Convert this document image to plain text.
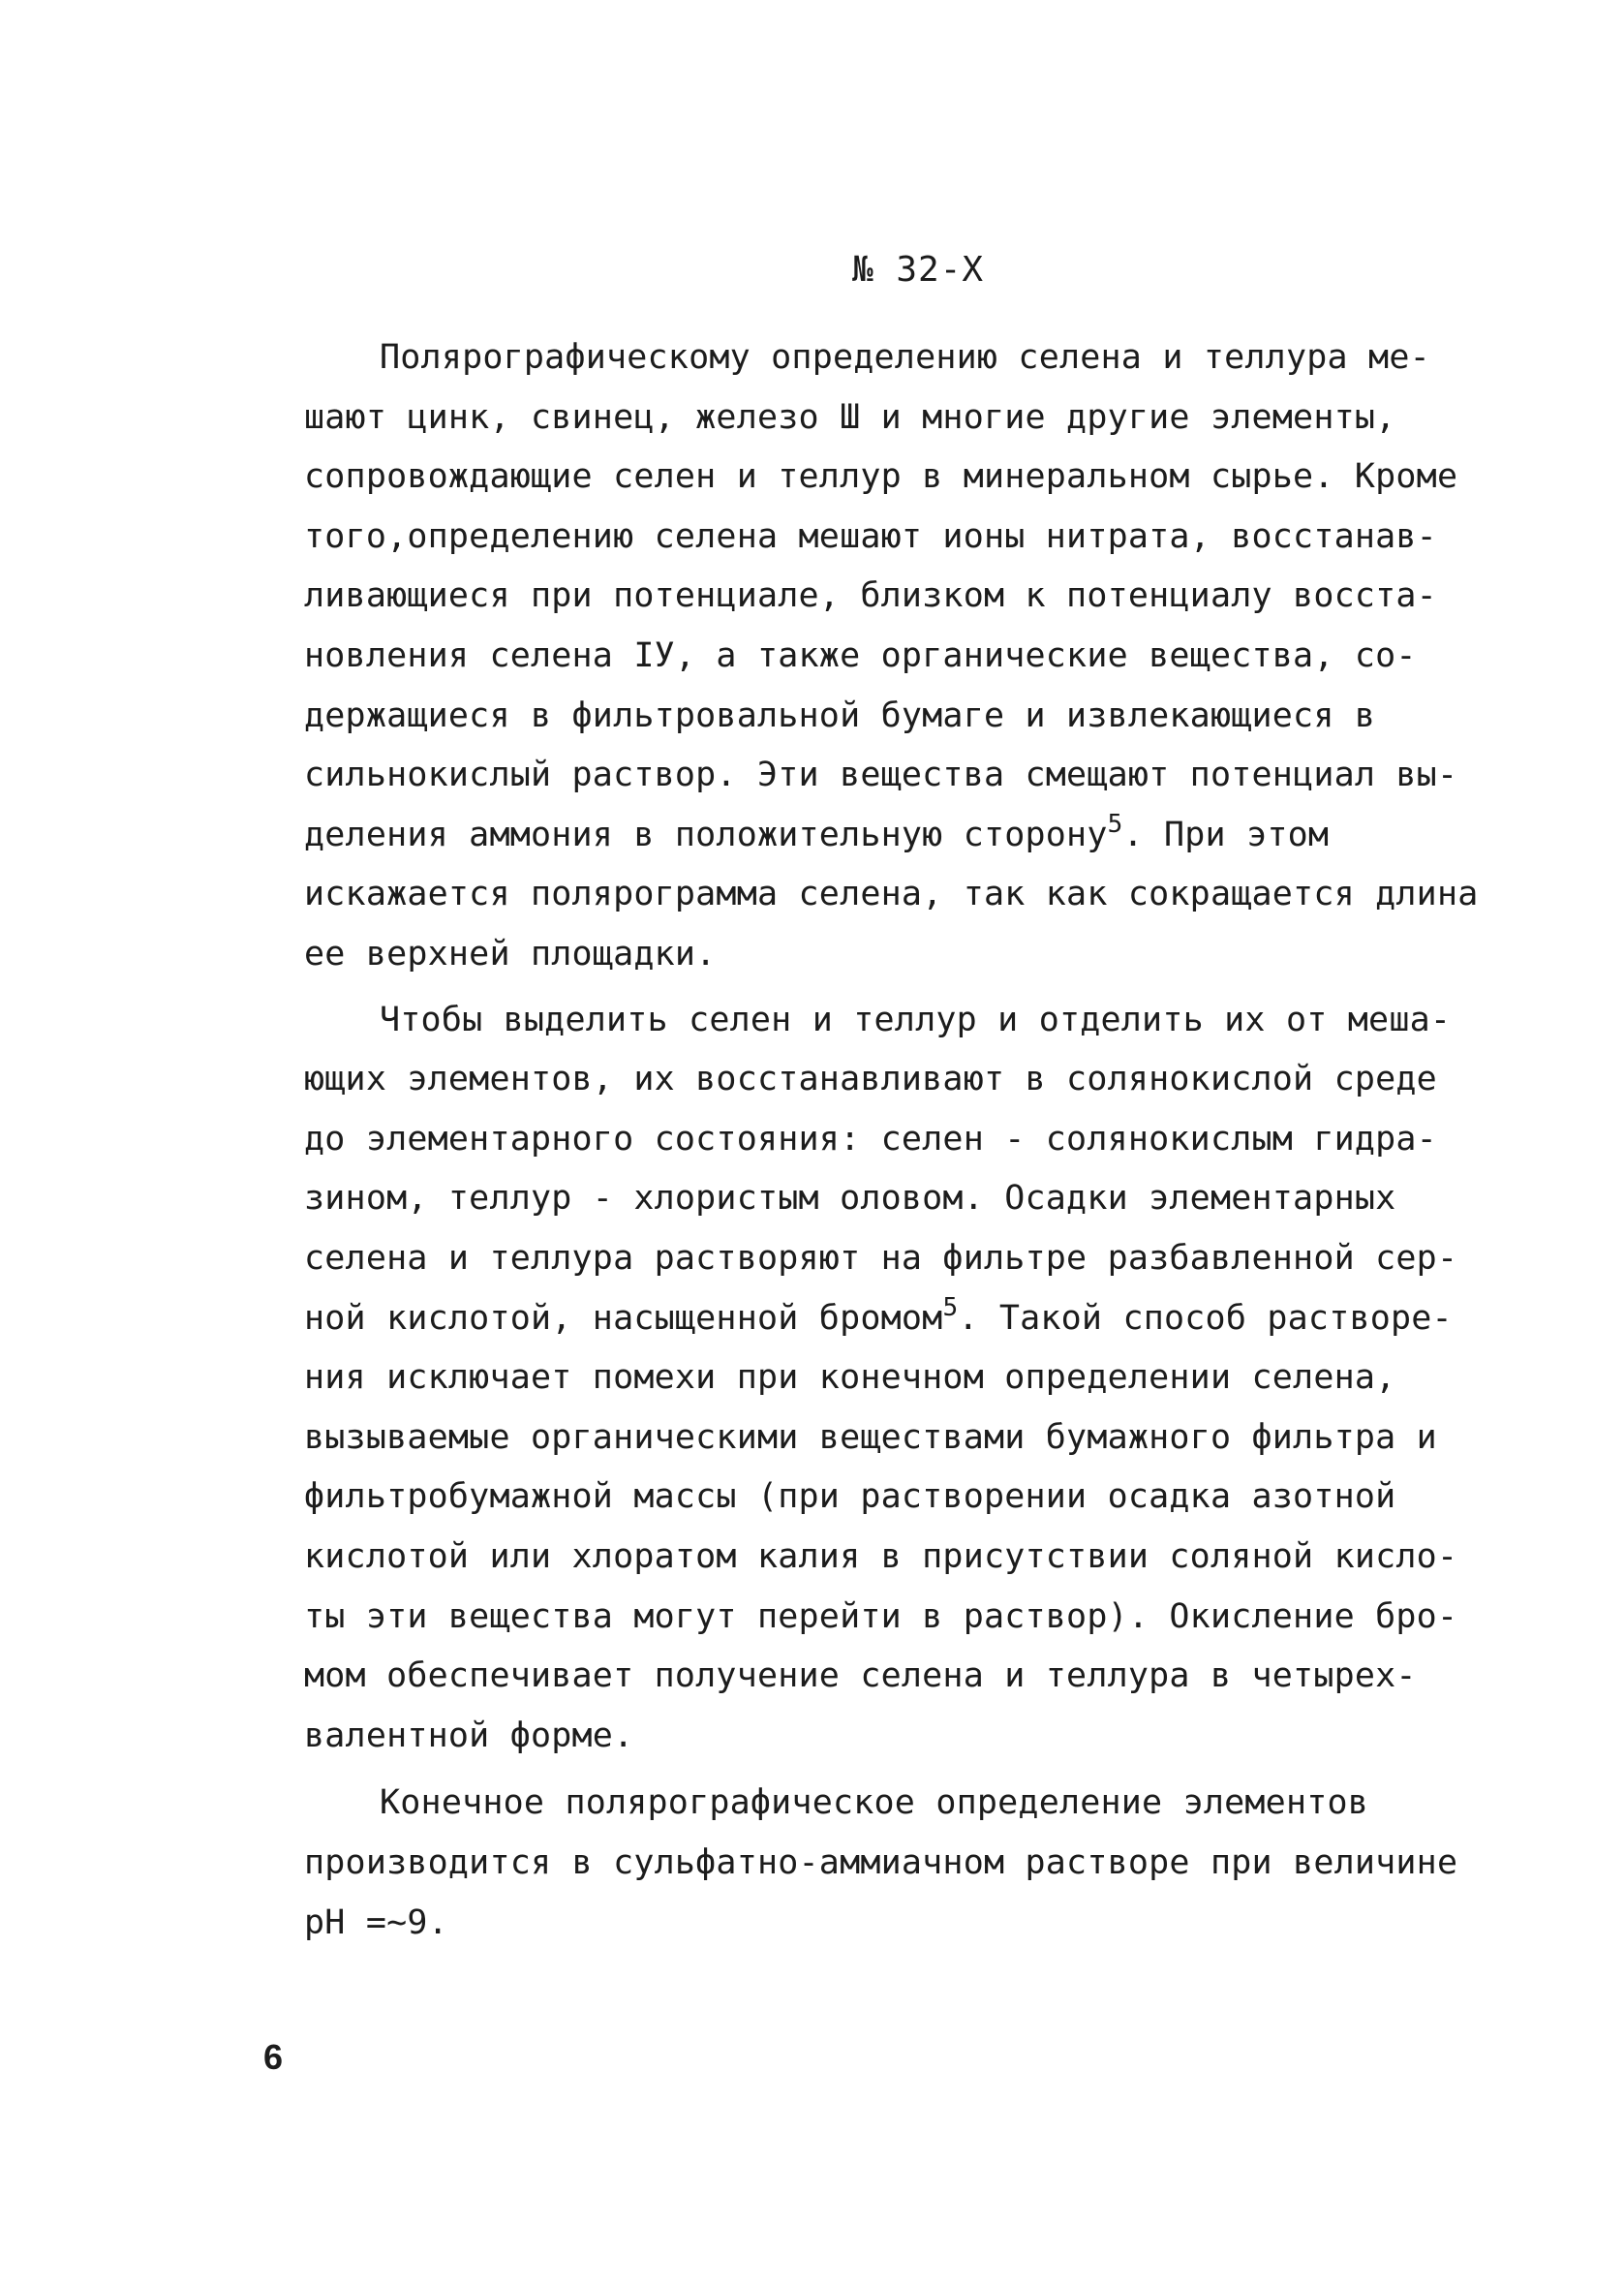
№ 32-Х
Полярографическому определению селена и теллура ме-
шают цинк, свинец, железо Ш и многие другие элементы,
сопровождающие селен и теллур в минеральном сырье. Кроме
того,определению селена мешают ионы нитрата, восстанав-
ливающиеся при потенциале, близком к потенциалу восста-
новления селена IУ, а также органические вещества, со-
держащиеся в фильтровальной бумаге и извлекающиеся в
сильнокислый раствор. Эти вещества смещают потенциал вы-
деления аммония в положительную сторону$^5$. При этом
искажается полярограмма селена, так как сокращается длина
ее верхней площадки.
Чтобы выделить селен и теллур и отделить их от меша-
ющих элементов, их восстанавливают в солянокислой среде
до элементарного состояния: селен - солянокислым гидра-
зином, теллур - хлористым оловом. Осадки элементарных
селена и теллура растворяют на фильтре разбавленной сер-
ной кислотой, насыщенной бромом$^5$. Такой способ растворе-
ния исключает помехи при конечном определении селена,
вызываемые органическими веществами бумажного фильтра и
фильтробумажной массы (при растворении осадка азотной
кислотой или хлоратом калия в присутствии соляной кисло-
ты эти вещества могут перейти в раствор). Окисление бро-
мом обеспечивает получение селена и теллура в четырех-
валентной форме.
Конечное полярографическое определение элементов
производится в сульфатно-аммиачном растворе при величине
рН =~9.
6
